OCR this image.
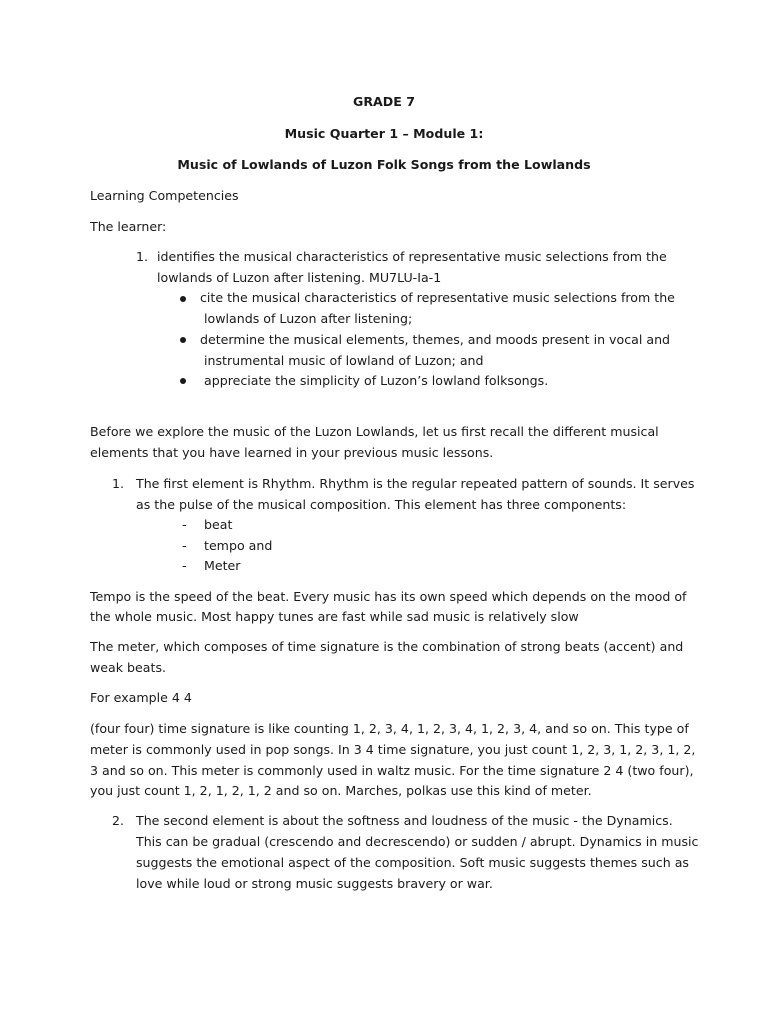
GRADE 7
Music Quarter 1 – Module 1:
Music of Lowlands of Luzon Folk Songs from the Lowlands
Learning Competencies
The learner:
1. identifies the musical characteristics of representative music selections from the
lowlands of Luzon after listening. MU7LU-Ia-1
cite the musical characteristics of representative music selections from the
lowlands of Luzon after listening;
determine the musical elements, themes, and moods present in vocal and
instrumental music of lowland of Luzon; and
appreciate the simplicity of Luzon’s lowland folksongs.
Before we explore the music of the Luzon Lowlands, let us first recall the different musical
elements that you have learned in your previous music lessons.
1. The first element is Rhythm. Rhythm is the regular repeated pattern of sounds. It serves
as the pulse of the musical composition. This element has three components:
- beat
- tempo and
- Meter
Tempo is the speed of the beat. Every music has its own speed which depends on the mood of
the whole music. Most happy tunes are fast while sad music is relatively slow
The meter, which composes of time signature is the combination of strong beats (accent) and
weak beats.
For example 4 4
(four four) time signature is like counting 1, 2, 3, 4, 1, 2, 3, 4, 1, 2, 3, 4, and so on. This type of
meter is commonly used in pop songs. In 3 4 time signature, you just count 1, 2, 3, 1, 2, 3, 1, 2,
3 and so on. This meter is commonly used in waltz music. For the time signature 2 4 (two four),
you just count 1, 2, 1, 2, 1, 2 and so on. Marches, polkas use this kind of meter.
2. The second element is about the softness and loudness of the music - the Dynamics.
This can be gradual (crescendo and decrescendo) or sudden / abrupt. Dynamics in music
suggests the emotional aspect of the composition. Soft music suggests themes such as
love while loud or strong music suggests bravery or war.
